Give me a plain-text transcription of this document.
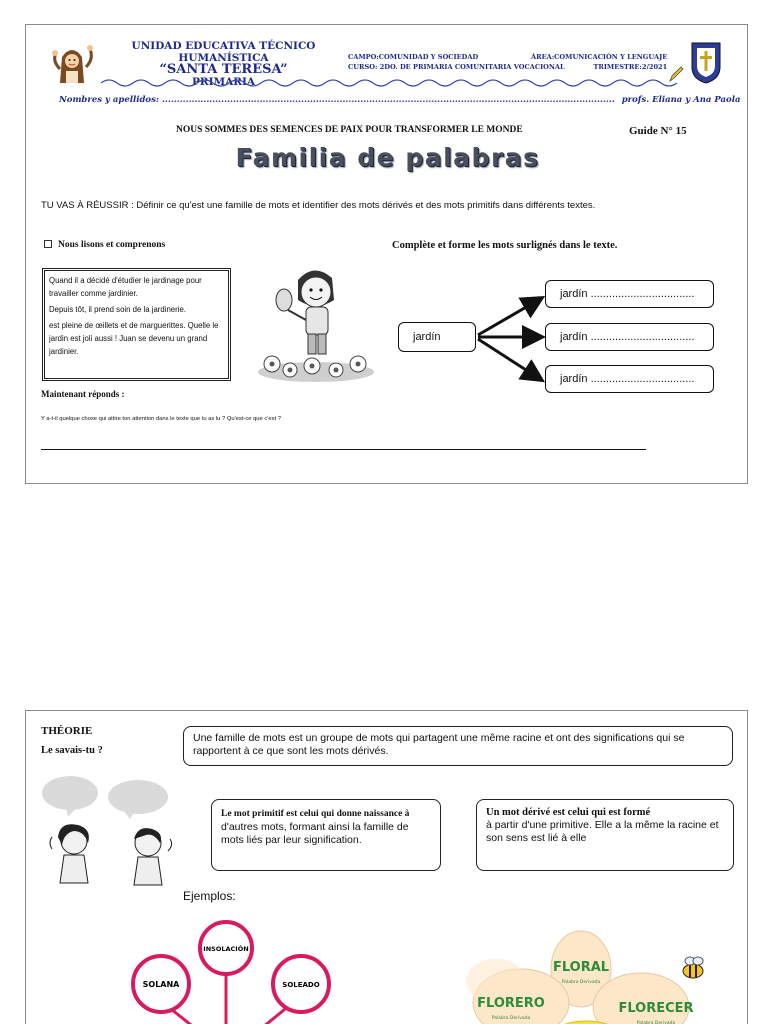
UNIDAD EDUCATIVA TÉCNICO HUMANÍSTICA
“SANTA TERESA”
PRIMARIA
CAMPO:COMUNIDAD Y SOCIEDAD
CURSO: 2DO. DE PRIMARIA COMUNITARIA VOCACIONAL
ÁREA:COMUNICACIÓN Y LENGUAJE
TRIMESTRE:2/2021
Nombres y apellidos: ......................................................................................................................................................... profs. Eliana y Ana Paola
NOUS SOMMES DES SEMENCES DE PAIX POUR TRANSFORMER LE MONDE	Guide N° 15
Familia de palabras
TU VAS À RÉUSSIR : Définir ce qu'est une famille de mots et identifier des mots dérivés et des mots primitifs dans différents textes.
Nous lisons et comprenons	Complète et forme les mots surlignés dans le texte.

Quand il a décidé d'étudier le jardinage pour travailler comme jardinier.

Depuis tôt, il prend soin de la jardinerie.

est pleine de œillets et de marguerittes. Quelle le jardin est joli aussi ! Juan se devenu un grand jardinier.

jardín
jardín ..................................
jardín ..................................
jardín ..................................
Maintenant réponds :
Y a-t-il quelque chose qui attire ton attention dans le texte que tu as lu ? Qu'est-ce que c'est ?
THÉORIE
Le savais-tu ?
Une famille de mots est un groupe de mots qui partagent une même racine et ont des significations qui se rapportent à ce que sont les mots dérivés.
Le mot primitif est celui qui donne naissance à
d'autres mots, formant ainsi la famille de mots liés par leur signification.
Un mot dérivé est celui qui est formé
à partir d'une primitive. Elle a la même la racine et son sens est lié à elle
Ejemplos:
INSOLACIÓN
SOLANA	SOLEADO
FLORAL
Palabra Derivada
FLORERO
Palabra Derivada
FLORECER
Palabra Derivada
